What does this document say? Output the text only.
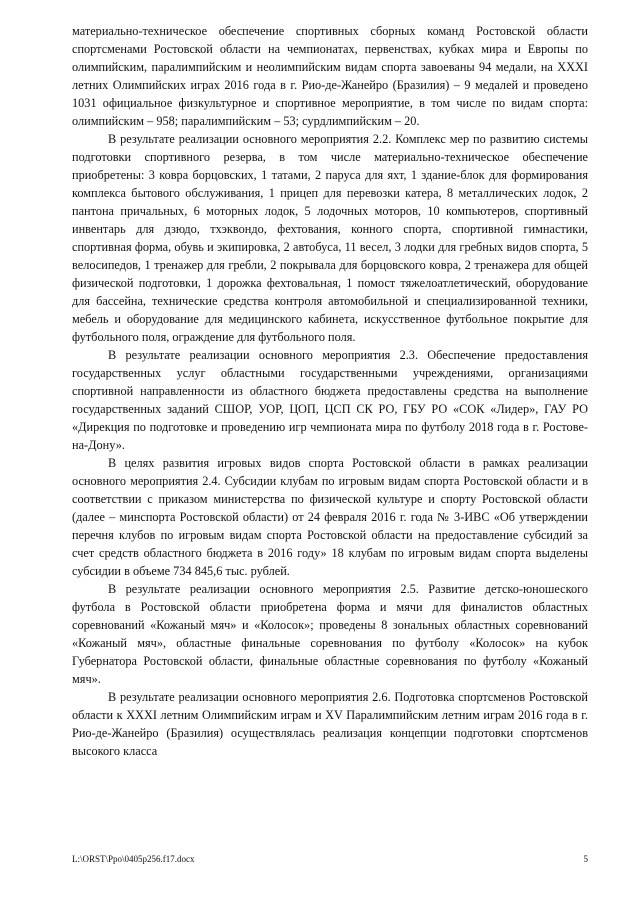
материально-техническое обеспечение спортивных сборных команд Ростовской области спортсменами Ростовской области на чемпионатах, первенствах, кубках мира и Европы по олимпийским, паралимпийским и неолимпийским видам спорта завоеваны 94 медали, на XXXI летних Олимпийских играх 2016 года в г. Рио-де-Жанейро (Бразилия) – 9 медалей и проведено 1031 официальное физкультурное и спортивное мероприятие, в том числе по видам спорта: олимпийским – 958; паралимпийским – 53; сурдлимпийским – 20.

В результате реализации основного мероприятия 2.2. Комплекс мер по развитию системы подготовки спортивного резерва, в том числе материально-техническое обеспечение приобретены: 3 ковра борцовских, 1 татами, 2 паруса для яхт, 1 здание-блок для формирования комплекса бытового обслуживания, 1 прицеп для перевозки катера, 8 металлических лодок, 2 пантона причальных, 6 моторных лодок, 5 лодочных моторов, 10 компьютеров, спортивный инвентарь для дзюдо, тхэквондо, фехтования, конного спорта, спортивной гимнастики, спортивная форма, обувь и экипировка, 2 автобуса, 11 весел, 3 лодки для гребных видов спорта, 5 велосипедов, 1 тренажер для гребли, 2 покрывала для борцовского ковра, 2 тренажера для общей физической подготовки, 1 дорожка фехтовальная, 1 помост тяжелоатлетический, оборудование для бассейна, технические средства контроля автомобильной и специализированной техники, мебель и оборудование для медицинского кабинета, искусственное футбольное покрытие для футбольного поля, ограждение для футбольного поля.

В результате реализации основного мероприятия 2.3. Обеспечение предоставления государственных услуг областными государственными учреждениями, организациями спортивной направленности из областного бюджета предоставлены средства на выполнение государственных заданий СШОР, УОР, ЦОП, ЦСП СК РО, ГБУ РО «СОК «Лидер», ГАУ РО «Дирекция по подготовке и проведению игр чемпионата мира по футболу 2018 года в г. Ростове-на-Дону».

В целях развития игровых видов спорта Ростовской области в рамках реализации основного мероприятия 2.4. Субсидии клубам по игровым видам спорта Ростовской области и в соответствии с приказом министерства по физической культуре и спорту Ростовской области (далее – минспорта Ростовской области) от 24 февраля 2016 г. года № 3-ИВС «Об утверждении перечня клубов по игровым видам спорта Ростовской области на предоставление субсидий за счет средств областного бюджета в 2016 году» 18 клубам по игровым видам спорта выделены субсидии в объеме 734 845,6 тыс. рублей.

В результате реализации основного мероприятия 2.5. Развитие детско-юношеского футбола в Ростовской области приобретена форма и мячи для финалистов областных соревнований «Кожаный мяч» и «Колосок»; проведены 8 зональных областных соревнований «Кожаный мяч», областные финальные соревнования по футболу «Колосок» на кубок Губернатора Ростовской области, финальные областные соревнования по футболу «Кожаный мяч».

В результате реализации основного мероприятия 2.6. Подготовка спортсменов Ростовской области к XXXI летним Олимпийским играм и XV Паралимпийским летним играм 2016 года в г. Рио-де-Жанейро (Бразилия) осуществлялась реализация концепции подготовки спортсменов высокого класса

L:\ORST\Ppo\0405p256.f17.docx	5
